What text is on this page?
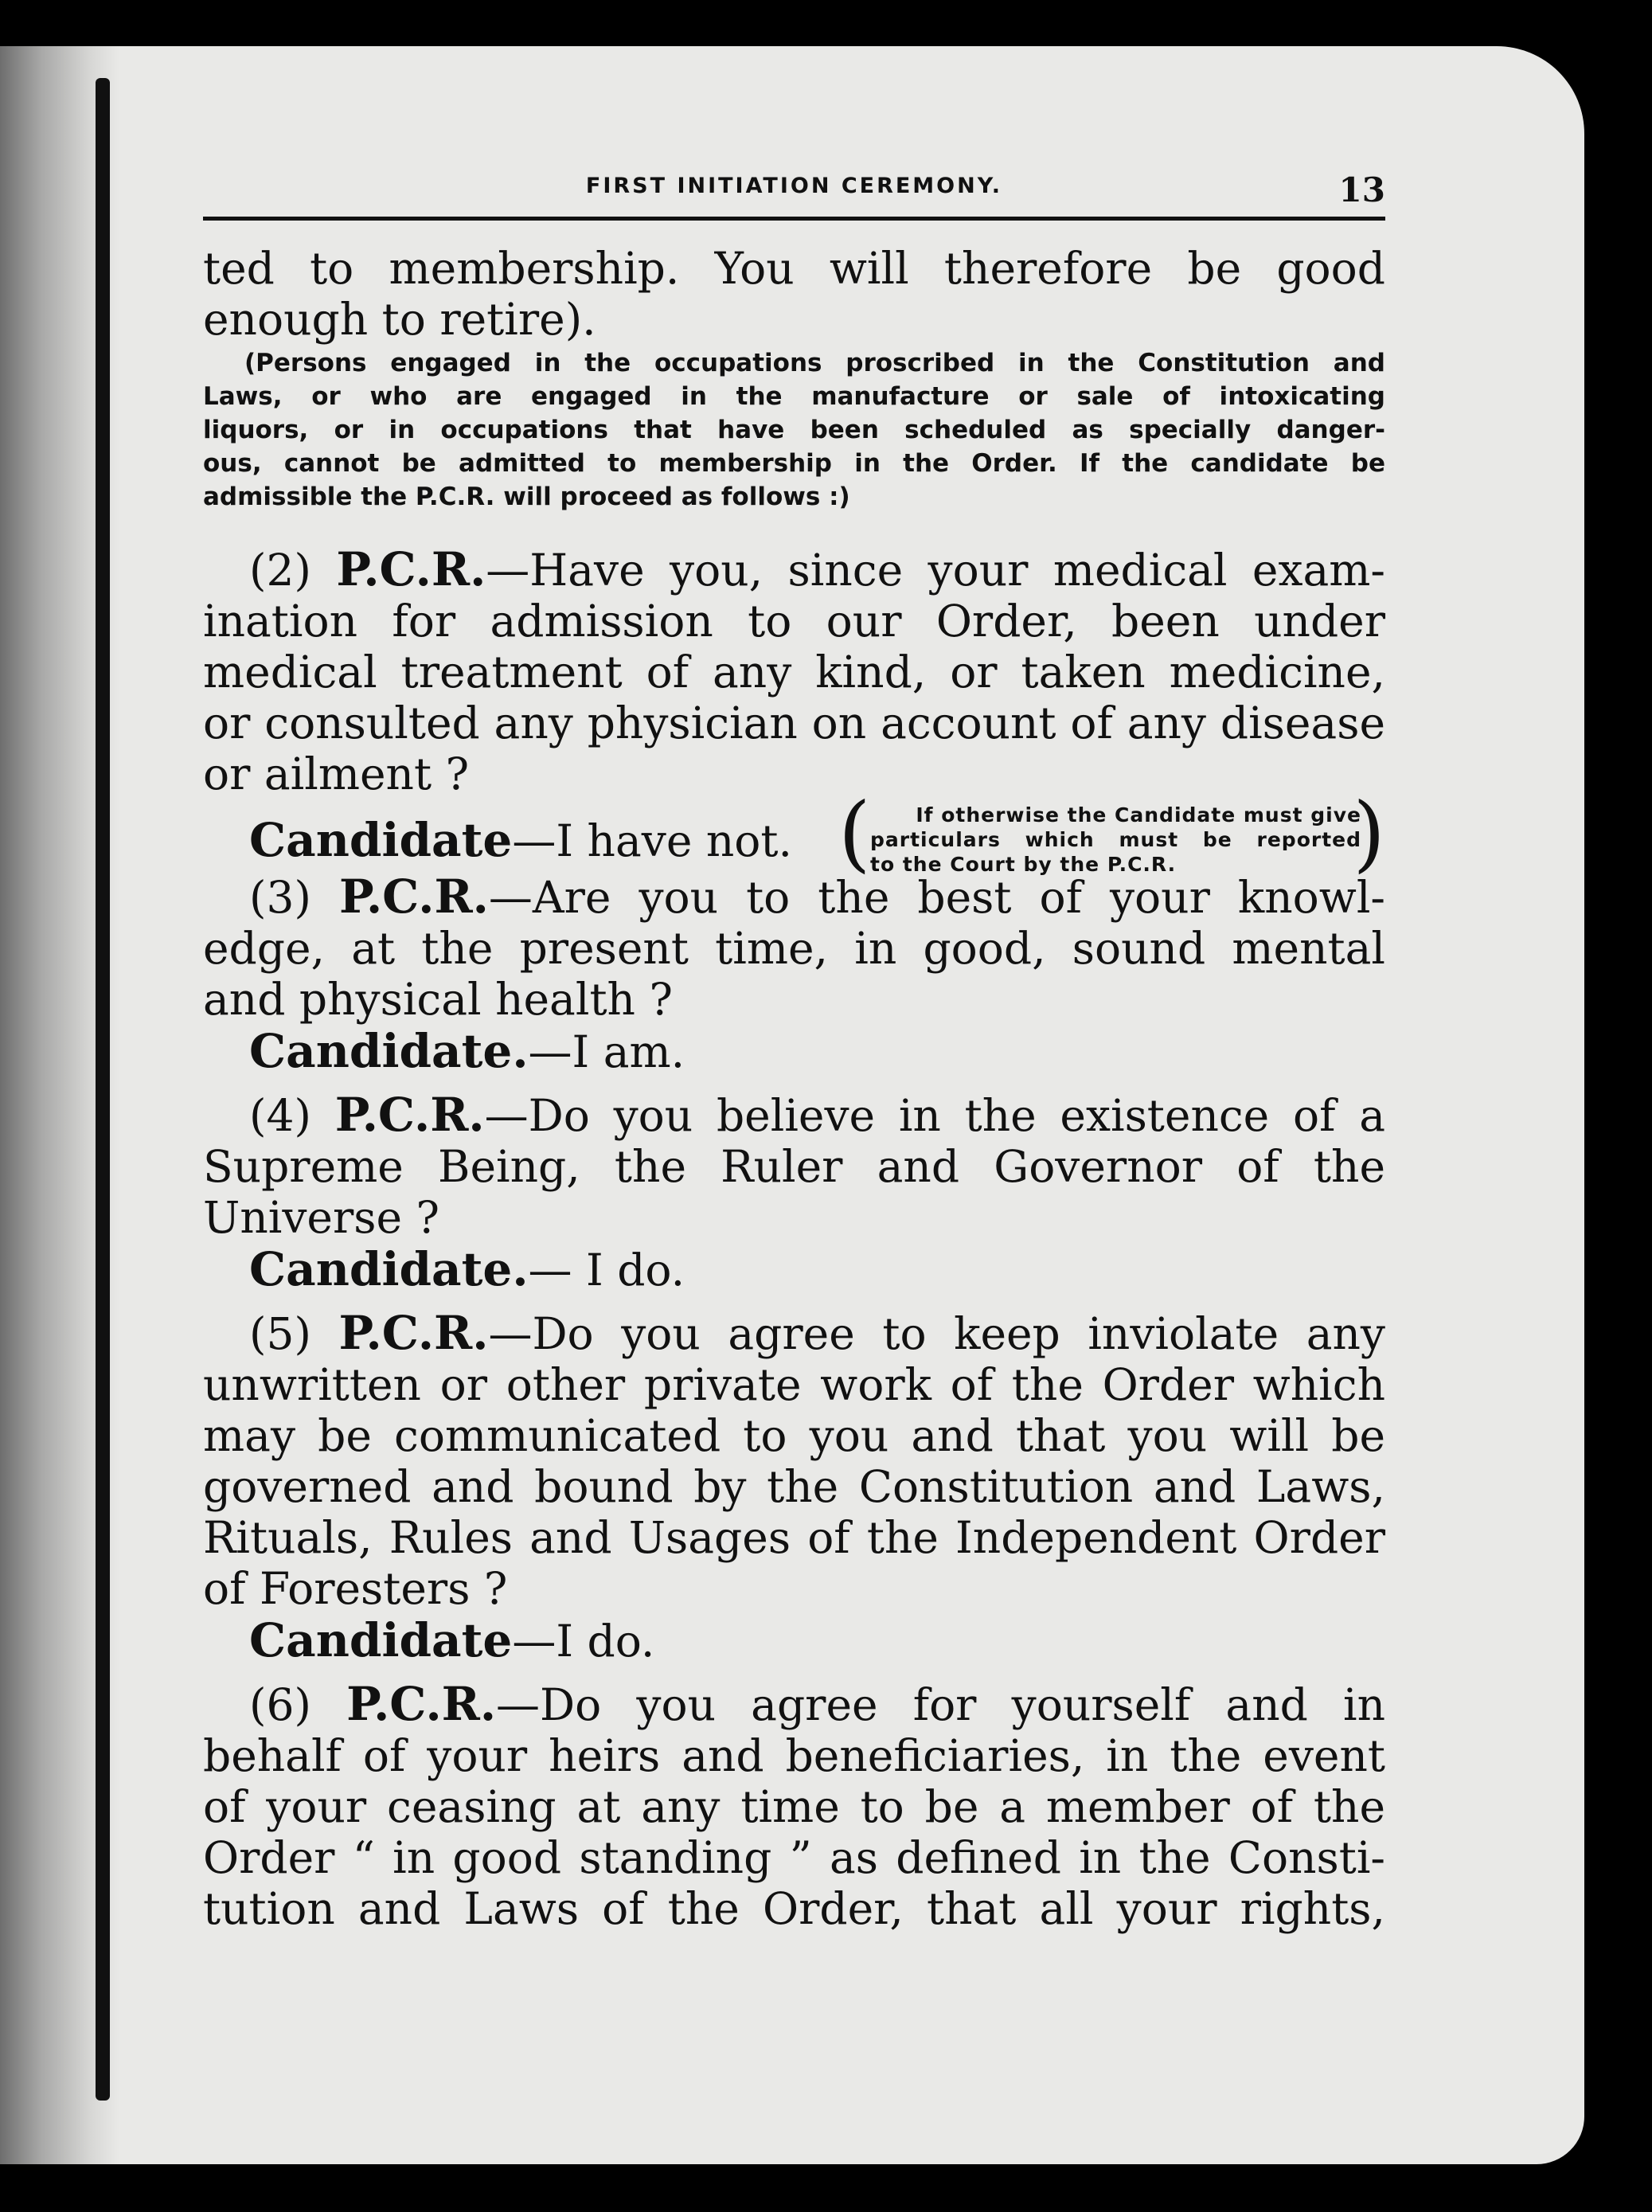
FIRST INITIATION CEREMONY.	13
ted to membership. You will therefore be good
enough to retire).
(Persons engaged in the occupations proscribed in the Constitution and
Laws, or who are engaged in the manufacture or sale of intoxicating
liquors, or in occupations that have been scheduled as specially danger-
ous, cannot be admitted to membership in the Order. If the candidate be
admissible the P.C.R. will proceed as follows :)
(2) P.C.R.—Have you, since your medical exam-
ination for admission to our Order, been under
medical treatment of any kind, or taken medicine,
or consulted any physician on account of any disease
or ailment ?
Candidate—I have not. (	If otherwise the Candidate must give
particulars which must be reported
to the Court by the P.C.R.	)
(3) P.C.R.—Are you to the best of your knowl-
edge, at the present time, in good, sound mental
and physical health ?
Candidate.—I am.
(4) P.C.R.—Do you believe in the existence of a
Supreme Being, the Ruler and Governor of the
Universe ?
Candidate.— I do.
(5) P.C.R.—Do you agree to keep inviolate any
unwritten or other private work of the Order which
may be communicated to you and that you will be
governed and bound by the Constitution and Laws,
Rituals, Rules and Usages of the Independent Order
of Foresters ?
Candidate—I do.
(6) P.C.R.—Do you agree for yourself and in
behalf of your heirs and beneficiaries, in the event
of your ceasing at any time to be a member of the
Order “ in good standing ” as defined in the Consti-
tution and Laws of the Order, that all your rights,
